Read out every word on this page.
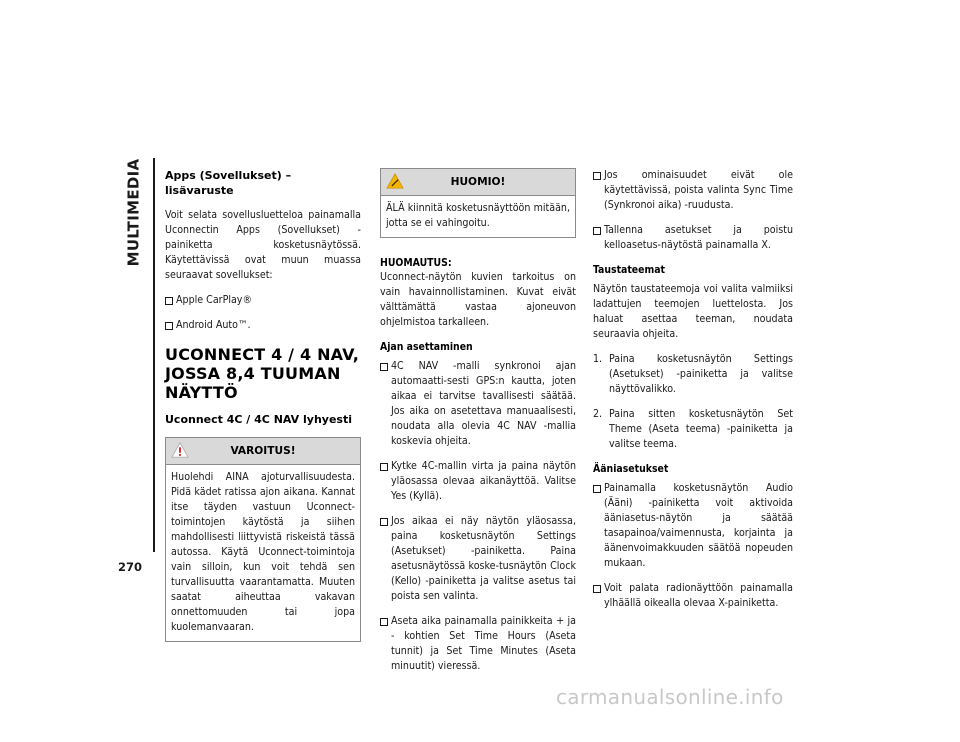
MULTIMEDIA
270
Apps (Sovellukset) – lisävaruste

Voit selata sovellusluetteloa painamalla Uconnectin Apps (Sovellukset) -painiketta kosketusnäytössä. Käytettävissä ovat muun muassa seuraavat sovellukset:

Apple CarPlay®
Android Auto™.
UCONNECT 4 / 4 NAV, JOSSA 8,4 TUUMAN NÄYTTÖ
Uconnect 4C / 4C NAV lyhyesti
VAROITUS!
Huolehdi AINA ajoturvallisuudesta. Pidä kädet ratissa ajon aikana. Kannat itse täyden vastuun Uconnect-toimintojen käytöstä ja siihen mahdollisesti liittyvistä riskeistä tässä autossa. Käytä Uconnect-toimintoja vain silloin, kun voit tehdä sen turvallisuutta vaarantamatta. Muuten saatat aiheuttaa vakavan onnettomuuden tai jopa kuolemanvaaran.
HUOMIO!
ÄLÄ kiinnitä kosketusnäyttöön mitään, jotta se ei vahingoitu.
HUOMAUTUS:

Uconnect-näytön kuvien tarkoitus on vain havainnollistaminen. Kuvat eivät välttämättä vastaa ajoneuvon ohjelmistoa tarkalleen.

Ajan asettaminen
4C NAV -malli synkronoi ajan automaatti-sesti GPS:n kautta, joten aikaa ei tarvitse tavallisesti säätää. Jos aika on asetettava manuaalisesti, noudata alla olevia 4C NAV -mallia koskevia ohjeita.
Kytke 4C-mallin virta ja paina näytön yläosassa olevaa aikanäyttöä. Valitse Yes (Kyllä).
Jos aikaa ei näy näytön yläosassa, paina kosketusnäytön Settings (Asetukset) -painiketta. Paina asetusnäytössä koske-tusnäytön Clock (Kello) -painiketta ja valitse asetus tai poista sen valinta.
Aseta aika painamalla painikkeita + ja - kohtien Set Time Hours (Aseta tunnit) ja Set Time Minutes (Aseta minuutit) vieressä.
Jos ominaisuudet eivät ole käytettävissä, poista valinta Sync Time (Synkronoi aika) -ruudusta.
Tallenna asetukset ja poistu kelloasetus-näytöstä painamalla X.
Taustateemat

Näytön taustateemoja voi valita valmiiksi ladattujen teemojen luettelosta. Jos haluat asettaa teeman, noudata seuraavia ohjeita.

1. Paina kosketusnäytön Settings (Asetukset) -painiketta ja valitse näyttövalikko.
2. Paina sitten kosketusnäytön Set Theme (Aseta teema) -painiketta ja valitse teema.
Ääniasetukset
Painamalla kosketusnäytön Audio (Ääni) -painiketta voit aktivoida ääniasetus-näytön ja säätää tasapainoa/vaimennusta, korjainta ja äänenvoimakkuuden säätöä nopeuden mukaan.
Voit palata radionäyttöön painamalla ylhäällä oikealla olevaa X-painiketta.
carmanualsonline.info
